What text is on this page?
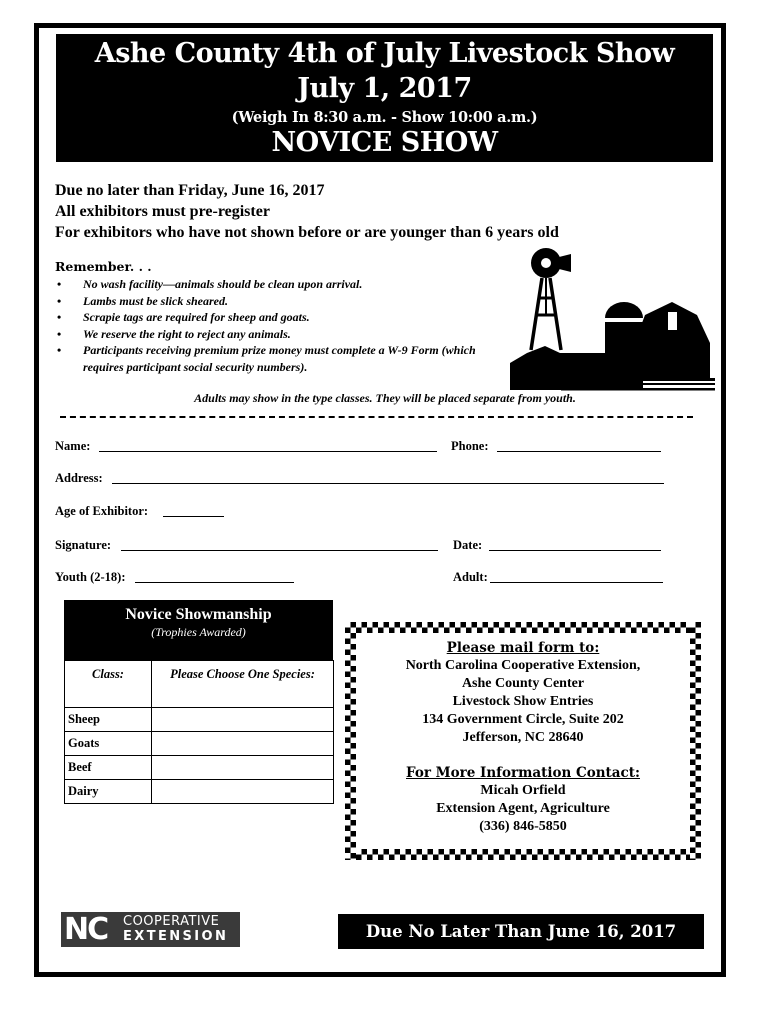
Ashe County 4th of July Livestock Show
July 1, 2017
(Weigh In 8:30 a.m. - Show 10:00 a.m.)
NOVICE SHOW
Due no later than Friday, June 16, 2017
All exhibitors must pre-register
For exhibitors who have not shown before or are younger than 6 years old
Remember. . .
• No wash facility—animals should be clean upon arrival.
• Lambs must be slick sheared.
• Scrapie tags are required for sheep and goats.
• We reserve the right to reject any animals.
• Participants receiving premium prize money must complete a W-9 Form (which requires participant social security numbers).
Adults may show in the type classes. They will be placed separate from youth.
Name:	Phone:
Address:
Age of Exhibitor:
Signature:	Date:
Youth (2-18):	Adult:
Novice Showmanship
(Trophies Awarded)
Class:	Please Choose One Species:
Sheep	
Goats	
Beef	
Dairy	
Please mail form to:
North Carolina Cooperative Extension,
Ashe County Center
Livestock Show Entries
134 Government Circle, Suite 202
Jefferson, NC 28640
For More Information Contact:
Micah Orfield
Extension Agent, Agriculture
(336) 846-5850
NC COOPERATIVE
EXTENSION	Due No Later Than June 16, 2017
